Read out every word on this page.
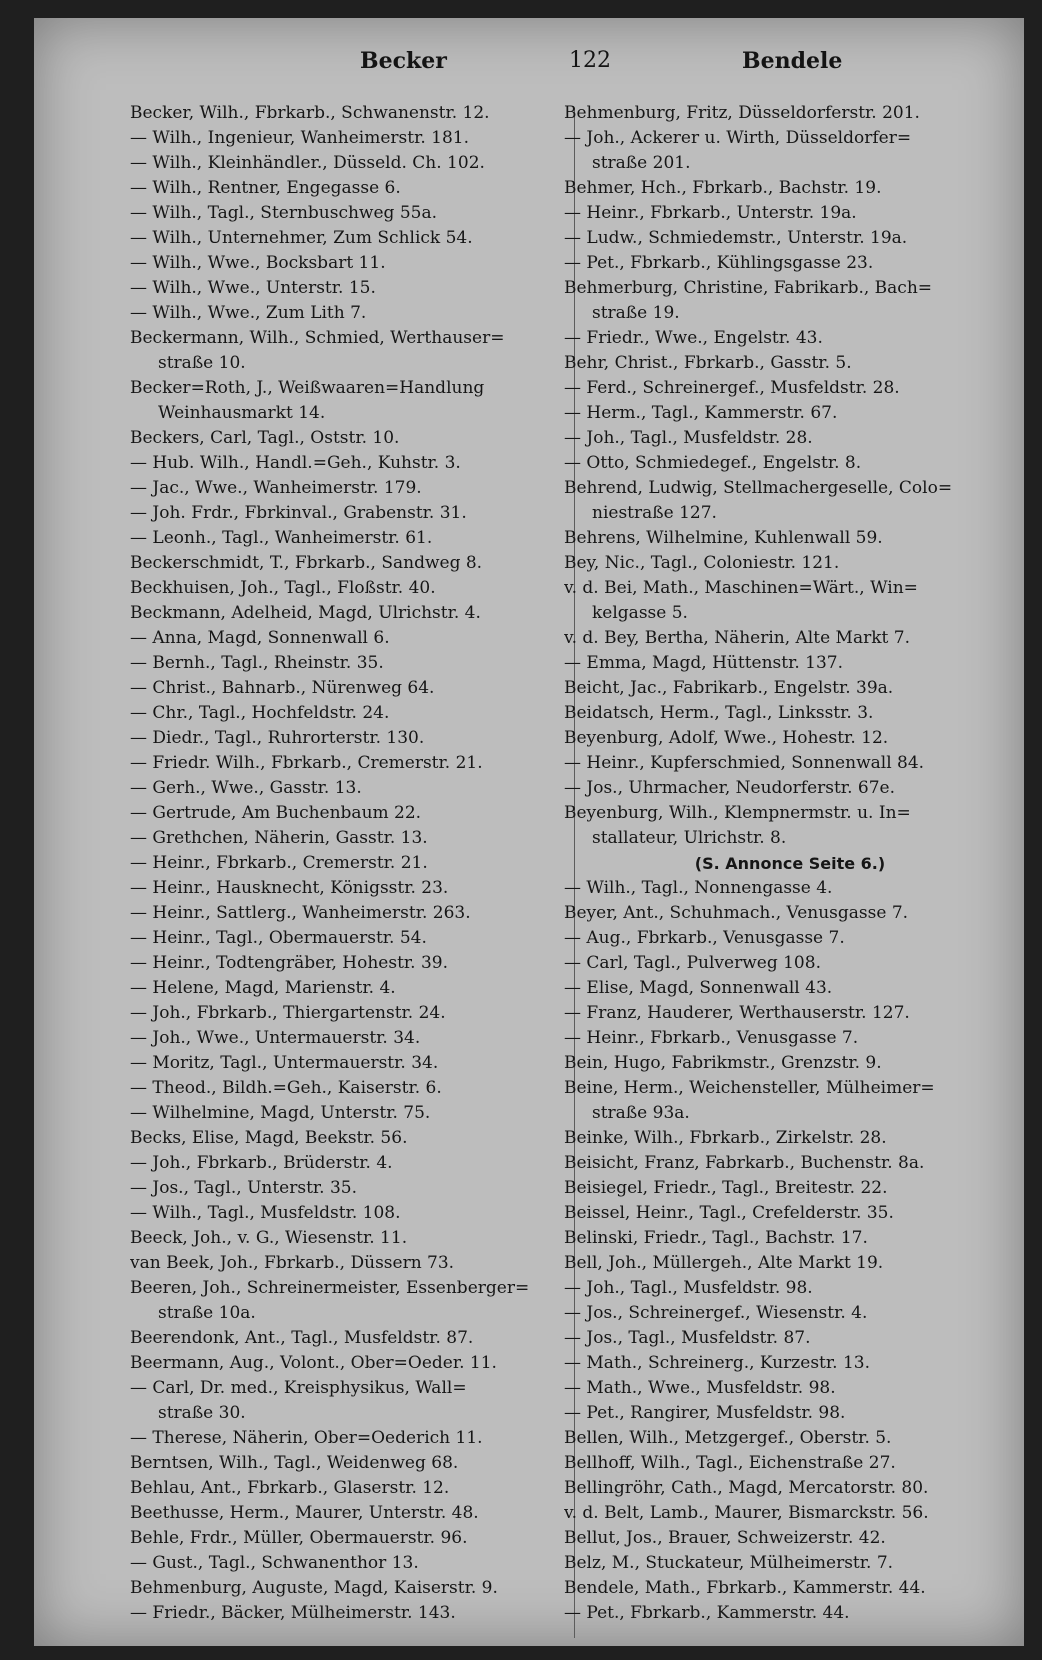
Becker	122	Bendele
Becker, Wilh., Fbrkarb., Schwanenstr. 12.
— Wilh., Ingenieur, Wanheimerstr. 181.
— Wilh., Kleinhändler., Düsseld. Ch. 102.
— Wilh., Rentner, Engegasse 6.
— Wilh., Tagl., Sternbuschweg 55a.
— Wilh., Unternehmer, Zum Schlick 54.
— Wilh., Wwe., Bocksbart 11.
— Wilh., Wwe., Unterstr. 15.
— Wilh., Wwe., Zum Lith 7.
Beckermann, Wilh., Schmied, Werthauser=
straße 10.
Becker=Roth, J., Weißwaaren=Handlung
Weinhausmarkt 14.
Beckers, Carl, Tagl., Oststr. 10.
— Hub. Wilh., Handl.=Geh., Kuhstr. 3.
— Jac., Wwe., Wanheimerstr. 179.
— Joh. Frdr., Fbrkinval., Grabenstr. 31.
— Leonh., Tagl., Wanheimerstr. 61.
Beckerschmidt, T., Fbrkarb., Sandweg 8.
Beckhuisen, Joh., Tagl., Floßstr. 40.
Beckmann, Adelheid, Magd, Ulrichstr. 4.
— Anna, Magd, Sonnenwall 6.
— Bernh., Tagl., Rheinstr. 35.
— Christ., Bahnarb., Nürenweg 64.
— Chr., Tagl., Hochfeldstr. 24.
— Diedr., Tagl., Ruhrorterstr. 130.
— Friedr. Wilh., Fbrkarb., Cremerstr. 21.
— Gerh., Wwe., Gasstr. 13.
— Gertrude, Am Buchenbaum 22.
— Grethchen, Näherin, Gasstr. 13.
— Heinr., Fbrkarb., Cremerstr. 21.
— Heinr., Hausknecht, Königsstr. 23.
— Heinr., Sattlerg., Wanheimerstr. 263.
— Heinr., Tagl., Obermauerstr. 54.
— Heinr., Todtengräber, Hohestr. 39.
— Helene, Magd, Marienstr. 4.
— Joh., Fbrkarb., Thiergartenstr. 24.
— Joh., Wwe., Untermauerstr. 34.
— Moritz, Tagl., Untermauerstr. 34.
— Theod., Bildh.=Geh., Kaiserstr. 6.
— Wilhelmine, Magd, Unterstr. 75.
Becks, Elise, Magd, Beekstr. 56.
— Joh., Fbrkarb., Brüderstr. 4.
— Jos., Tagl., Unterstr. 35.
— Wilh., Tagl., Musfeldstr. 108.
Beeck, Joh., v. G., Wiesenstr. 11.
van Beek, Joh., Fbrkarb., Düssern 73.
Beeren, Joh., Schreinermeister, Essenberger=
straße 10a.
Beerendonk, Ant., Tagl., Musfeldstr. 87.
Beermann, Aug., Volont., Ober=Oeder. 11.
— Carl, Dr. med., Kreisphysikus, Wall=
straße 30.
— Therese, Näherin, Ober=Oederich 11.
Berntsen, Wilh., Tagl., Weidenweg 68.
Behlau, Ant., Fbrkarb., Glaserstr. 12.
Beethusse, Herm., Maurer, Unterstr. 48.
Behle, Frdr., Müller, Obermauerstr. 96.
— Gust., Tagl., Schwanenthor 13.
Behmenburg, Auguste, Magd, Kaiserstr. 9.
— Friedr., Bäcker, Mülheimerstr. 143.
Behmenburg, Fritz, Düsseldorferstr. 201.
— Joh., Ackerer u. Wirth, Düsseldorfer=
straße 201.
Behmer, Hch., Fbrkarb., Bachstr. 19.
— Heinr., Fbrkarb., Unterstr. 19a.
— Ludw., Schmiedemstr., Unterstr. 19a.
— Pet., Fbrkarb., Kühlingsgasse 23.
Behmerburg, Christine, Fabrikarb., Bach=
straße 19.
— Friedr., Wwe., Engelstr. 43.
Behr, Christ., Fbrkarb., Gasstr. 5.
— Ferd., Schreinergef., Musfeldstr. 28.
— Herm., Tagl., Kammerstr. 67.
— Joh., Tagl., Musfeldstr. 28.
— Otto, Schmiedegef., Engelstr. 8.
Behrend, Ludwig, Stellmachergeselle, Colo=
niestraße 127.
Behrens, Wilhelmine, Kuhlenwall 59.
Bey, Nic., Tagl., Coloniestr. 121.
v. d. Bei, Math., Maschinen=Wärt., Win=
kelgasse 5.
v. d. Bey, Bertha, Näherin, Alte Markt 7.
— Emma, Magd, Hüttenstr. 137.
Beicht, Jac., Fabrikarb., Engelstr. 39a.
Beidatsch, Herm., Tagl., Linksstr. 3.
Beyenburg, Adolf, Wwe., Hohestr. 12.
— Heinr., Kupferschmied, Sonnenwall 84.
— Jos., Uhrmacher, Neudorferstr. 67e.
Beyenburg, Wilh., Klempnermstr. u. In=
stallateur, Ulrichstr. 8.
(S. Annonce Seite 6.)
— Wilh., Tagl., Nonnengasse 4.
Beyer, Ant., Schuhmach., Venusgasse 7.
— Aug., Fbrkarb., Venusgasse 7.
— Carl, Tagl., Pulverweg 108.
— Elise, Magd, Sonnenwall 43.
— Franz, Hauderer, Werthauserstr. 127.
— Heinr., Fbrkarb., Venusgasse 7.
Bein, Hugo, Fabrikmstr., Grenzstr. 9.
Beine, Herm., Weichensteller, Mülheimer=
straße 93a.
Beinke, Wilh., Fbrkarb., Zirkelstr. 28.
Beisicht, Franz, Fabrkarb., Buchenstr. 8a.
Beisiegel, Friedr., Tagl., Breitestr. 22.
Beissel, Heinr., Tagl., Crefelderstr. 35.
Belinski, Friedr., Tagl., Bachstr. 17.
Bell, Joh., Müllergeh., Alte Markt 19.
— Joh., Tagl., Musfeldstr. 98.
— Jos., Schreinergef., Wiesenstr. 4.
— Jos., Tagl., Musfeldstr. 87.
— Math., Schreinerg., Kurzestr. 13.
— Math., Wwe., Musfeldstr. 98.
— Pet., Rangirer, Musfeldstr. 98.
Bellen, Wilh., Metzgergef., Oberstr. 5.
Bellhoff, Wilh., Tagl., Eichenstraße 27.
Bellingröhr, Cath., Magd, Mercatorstr. 80.
v. d. Belt, Lamb., Maurer, Bismarckstr. 56.
Bellut, Jos., Brauer, Schweizerstr. 42.
Belz, M., Stuckateur, Mülheimerstr. 7.
Bendele, Math., Fbrkarb., Kammerstr. 44.
— Pet., Fbrkarb., Kammerstr. 44.
